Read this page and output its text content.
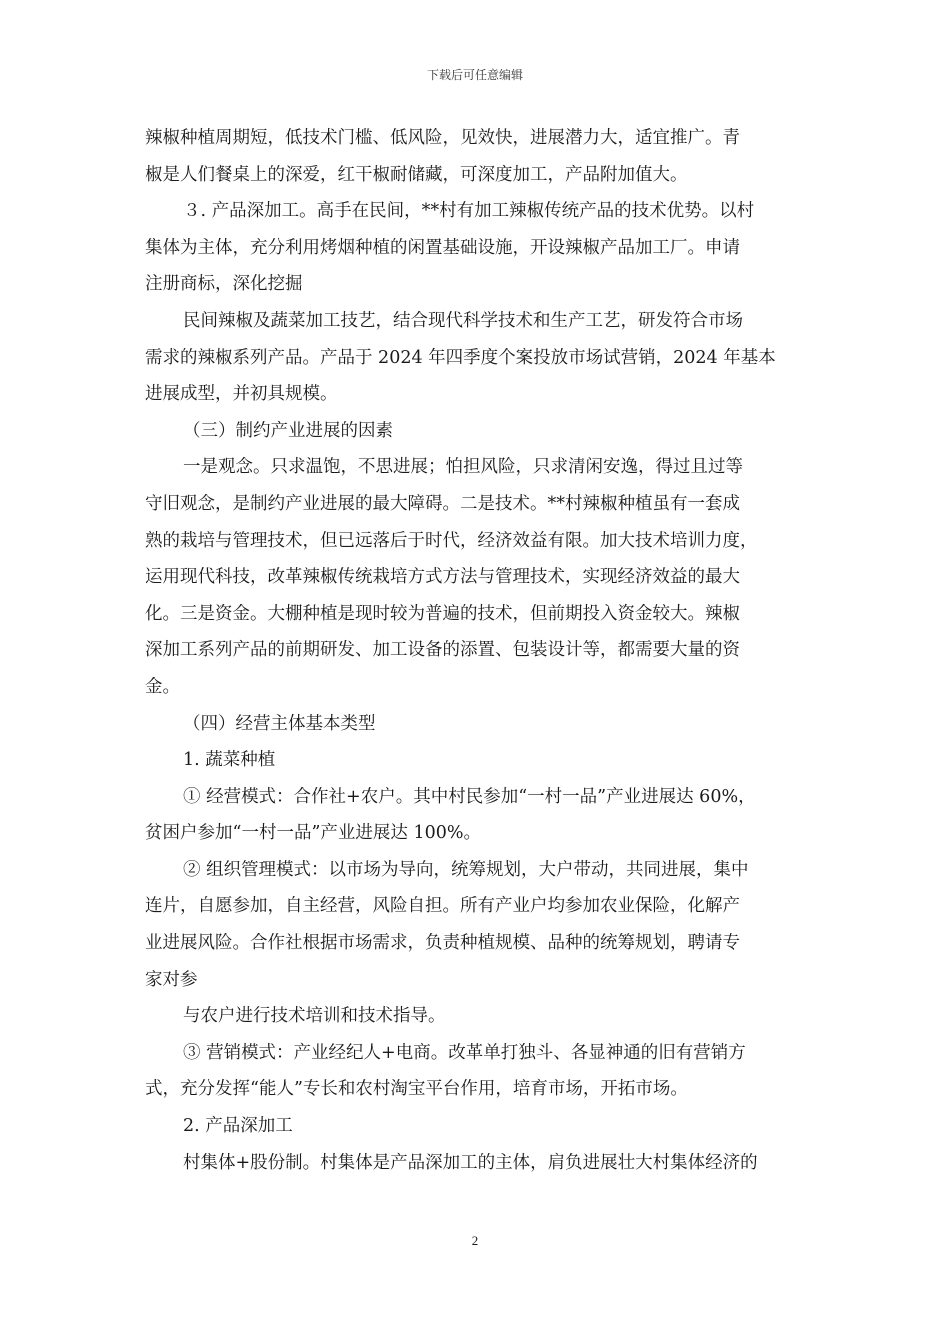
下载后可任意编辑
辣椒种植周期短，低技术门槛、低风险，见效快，进展潜力大，适宜推广。青
椒是人们餐桌上的深爱，红干椒耐储藏，可深度加工，产品附加值大。
３. 产品深加工。高手在民间，**村有加工辣椒传统产品的技术优势。以村
集体为主体，充分利用烤烟种植的闲置基础设施，开设辣椒产品加工厂。申请
注册商标，深化挖掘
民间辣椒及蔬菜加工技艺，结合现代科学技术和生产工艺，研发符合市场
需求的辣椒系列产品。产品于 2024 年四季度个案投放市场试营销，2024 年基本
进展成型，并初具规模。
（三）制约产业进展的因素
一是观念。只求温饱，不思进展；怕担风险，只求清闲安逸，得过且过等
守旧观念，是制约产业进展的最大障碍。二是技术。**村辣椒种植虽有一套成
熟的栽培与管理技术，但已远落后于时代，经济效益有限。加大技术培训力度，
运用现代科技，改革辣椒传统栽培方式方法与管理技术，实现经济效益的最大
化。三是资金。大棚种植是现时较为普遍的技术，但前期投入资金较大。辣椒
深加工系列产品的前期研发、加工设备的添置、包装设计等，都需要大量的资
金。
（四）经营主体基本类型
1. 蔬菜种植
① 经营模式：合作社+农户。其中村民参加“一村一品”产业进展达 60%，
贫困户参加“一村一品”产业进展达 100%。
② 组织管理模式：以市场为导向，统筹规划，大户带动，共同进展，集中
连片，自愿参加，自主经营，风险自担。所有产业户均参加农业保险，化解产
业进展风险。合作社根据市场需求，负责种植规模、品种的统筹规划，聘请专
家对参
与农户进行技术培训和技术指导。
③ 营销模式：产业经纪人+电商。改革单打独斗、各显神通的旧有营销方
式，充分发挥“能人”专长和农村淘宝平台作用，培育市场，开拓市场。
2. 产品深加工
村集体+股份制。村集体是产品深加工的主体，肩负进展壮大村集体经济的
2
